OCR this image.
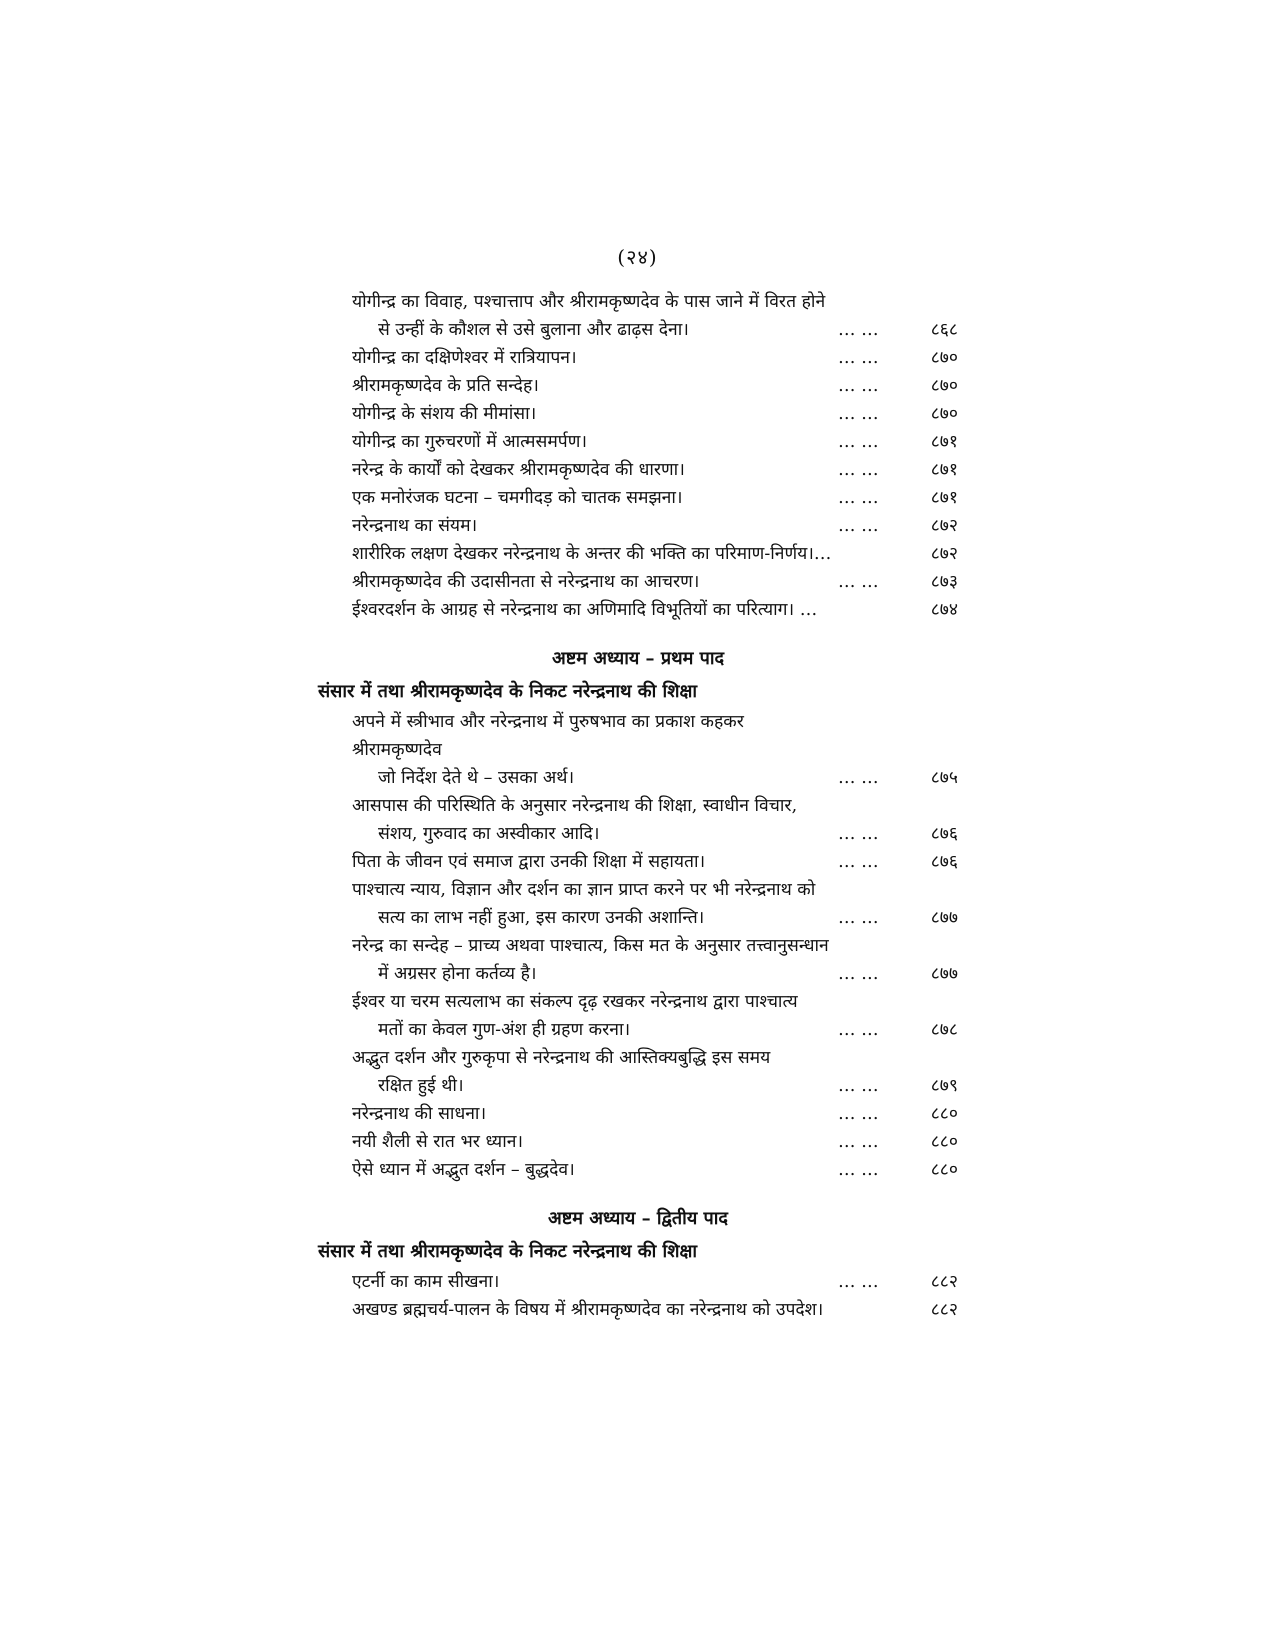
(२४)
योगीन्द्र का विवाह, पश्चात्ताप और श्रीरामकृष्णदेव के पास जाने में विरत होने
से उन्हीं के कौशल से उसे बुलाना और ढाढ़स देना।	… …	८६८
योगीन्द्र का दक्षिणेश्वर में रात्रियापन।	… …	८७०
श्रीरामकृष्णदेव के प्रति सन्देह।	… …	८७०
योगीन्द्र के संशय की मीमांसा।	… …	८७०
योगीन्द्र का गुरुचरणों में आत्मसमर्पण।	… …	८७१
नरेन्द्र के कार्यों को देखकर श्रीरामकृष्णदेव की धारणा।	… …	८७१
एक मनोरंजक घटना – चमगीदड़ को चातक समझना।	… …	८७१
नरेन्द्रनाथ का संयम।	… …	८७२
शारीरिक लक्षण देखकर नरेन्द्रनाथ के अन्तर की भक्ति का परिमाण-निर्णय।…	८७२
श्रीरामकृष्णदेव की उदासीनता से नरेन्द्रनाथ का आचरण।	… …	८७३
ईश्वरदर्शन के आग्रह से नरेन्द्रनाथ का अणिमादि विभूतियों का परित्याग। …	८७४
अष्टम अध्याय – प्रथम पाद
संसार में तथा श्रीरामकृष्णदेव के निकट नरेन्द्रनाथ की शिक्षा
अपने में स्त्रीभाव और नरेन्द्रनाथ में पुरुषभाव का प्रकाश कहकर श्रीरामकृष्णदेव
जो निर्देश देते थे – उसका अर्थ।	… …	८७५
आसपास की परिस्थिति के अनुसार नरेन्द्रनाथ की शिक्षा, स्वाधीन विचार,
संशय, गुरुवाद का अस्वीकार आदि।	… …	८७६
पिता के जीवन एवं समाज द्वारा उनकी शिक्षा में सहायता।	… …	८७६
पाश्चात्य न्याय, विज्ञान और दर्शन का ज्ञान प्राप्त करने पर भी नरेन्द्रनाथ को
सत्य का लाभ नहीं हुआ, इस कारण उनकी अशान्ति।	… …	८७७
नरेन्द्र का सन्देह – प्राच्य अथवा पाश्चात्य, किस मत के अनुसार तत्त्वानुसन्धान
में अग्रसर होना कर्तव्य है।	… …	८७७
ईश्वर या चरम सत्यलाभ का संकल्प दृढ़ रखकर नरेन्द्रनाथ द्वारा पाश्चात्य
मतों का केवल गुण-अंश ही ग्रहण करना।	… …	८७८
अद्भुत दर्शन और गुरुकृपा से नरेन्द्रनाथ की आस्तिक्यबुद्धि इस समय
रक्षित हुई थी।	… …	८७९
नरेन्द्रनाथ की साधना।	… …	८८०
नयी शैली से रात भर ध्यान।	… …	८८०
ऐसे ध्यान में अद्भुत दर्शन – बुद्धदेव।	… …	८८०
अष्टम अध्याय – द्वितीय पाद
संसार में तथा श्रीरामकृष्णदेव के निकट नरेन्द्रनाथ की शिक्षा
एटर्नी का काम सीखना।	… …	८८२
अखण्ड ब्रह्मचर्य-पालन के विषय में श्रीरामकृष्णदेव का नरेन्द्रनाथ को उपदेश।	८८२
